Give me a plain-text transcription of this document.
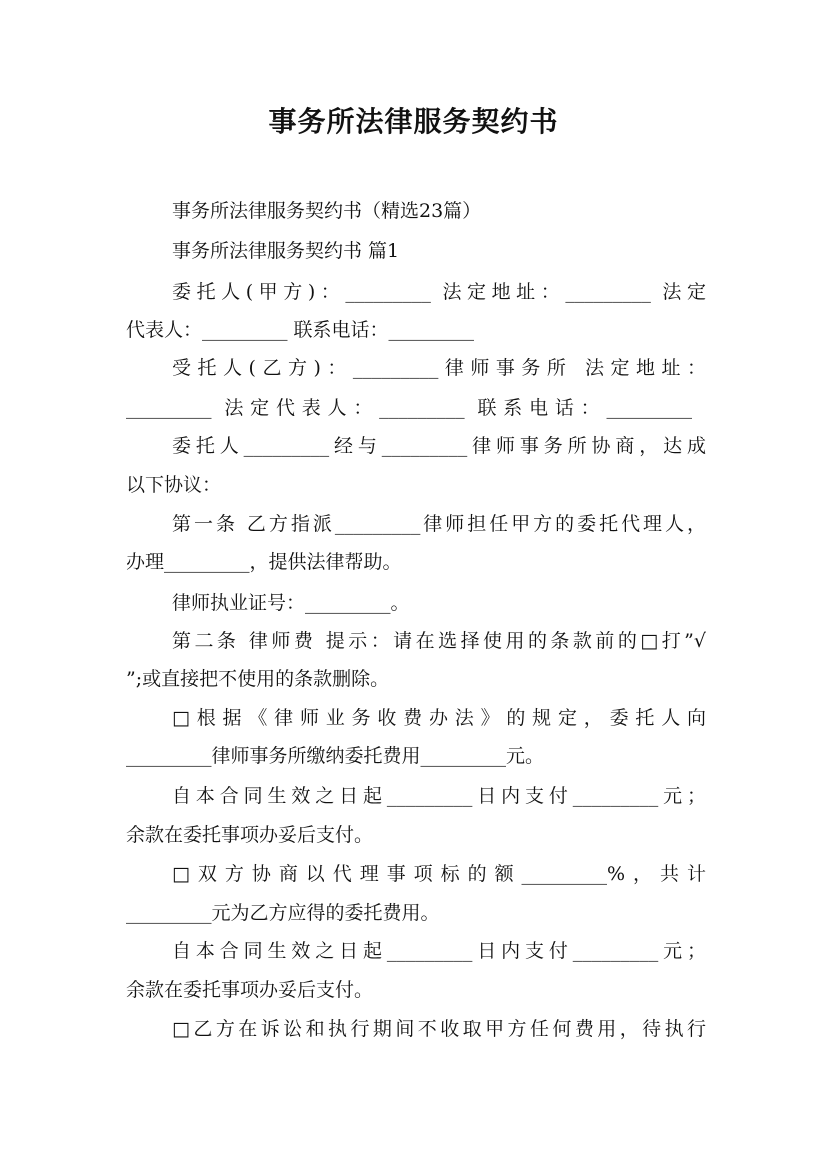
事务所法律服务契约书
事务所法律服务契约书（精选23篇）
事务所法律服务契约书 篇1
委托人(甲方)：_________ 法定地址：_________ 法定
代表人：_________ 联系电话：_________
受托人(乙方)：_________律师事务所 法定地址：
_________ 法定代表人：_________ 联系电话：_________
委托人_________经与_________律师事务所协商，达成
以下协议：
第一条 乙方指派_________律师担任甲方的委托代理人，
办理_________，提供法律帮助。
律师执业证号：_________。
第二条 律师费 提示：请在选择使用的条款前的□打”√
”;或直接把不使用的条款删除。
□根据《律师业务收费办法》的规定，委托人向
_________律师事务所缴纳委托费用_________元。
自本合同生效之日起_________日内支付_________元；
余款在委托事项办妥后支付。
□双方协商以代理事项标的额_________%，共计
_________元为乙方应得的委托费用。
自本合同生效之日起_________日内支付_________元；
余款在委托事项办妥后支付。
□乙方在诉讼和执行期间不收取甲方任何费用，待执行
